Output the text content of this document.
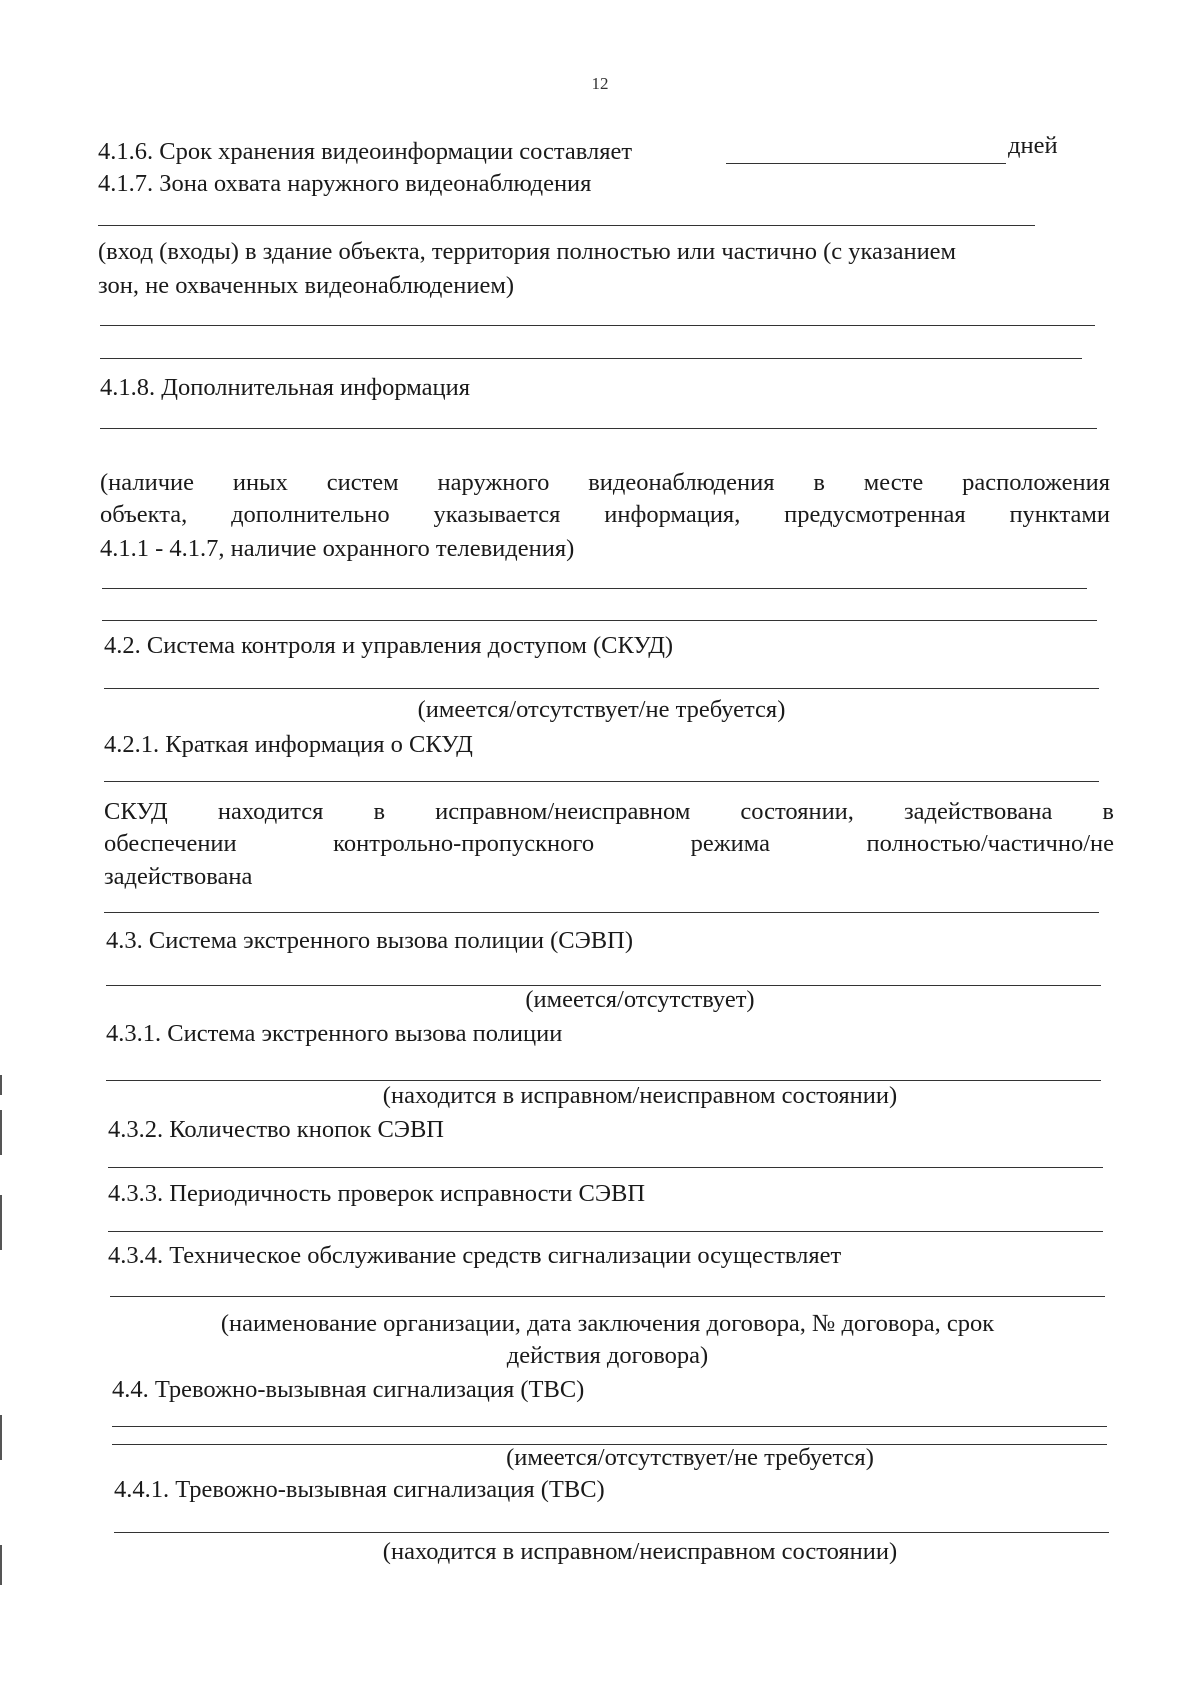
12
4.1.6. Срок хранения видеоинформации составляет	дней
4.1.7. Зона охвата наружного видеонаблюдения
(вход (входы) в здание объекта, территория полностью или частично (с указанием
зон, не охваченных видеонаблюдением)
4.1.8. Дополнительная информация
(наличие иных систем наружного видеонаблюдения в месте расположения
объекта, дополнительно указывается информация, предусмотренная пунктами
4.1.1 - 4.1.7, наличие охранного телевидения)
4.2. Система контроля и управления доступом (СКУД)
(имеется/отсутствует/не требуется)
4.2.1. Краткая информация о СКУД
СКУД находится в исправном/неисправном состоянии, задействована в
обеспечении контрольно-пропускного режима полностью/частично/не
задействована
4.3. Система экстренного вызова полиции (СЭВП)
(имеется/отсутствует)
4.3.1. Система экстренного вызова полиции
(находится в исправном/неисправном состоянии)
4.3.2. Количество кнопок СЭВП
4.3.3. Периодичность проверок исправности СЭВП
4.3.4. Техническое обслуживание средств сигнализации осуществляет
(наименование организации, дата заключения договора, № договора, срок
действия договора)
4.4. Тревожно-вызывная сигнализация (ТВС)
(имеется/отсутствует/не требуется)
4.4.1. Тревожно-вызывная сигнализация (ТВС)
(находится в исправном/неисправном состоянии)
